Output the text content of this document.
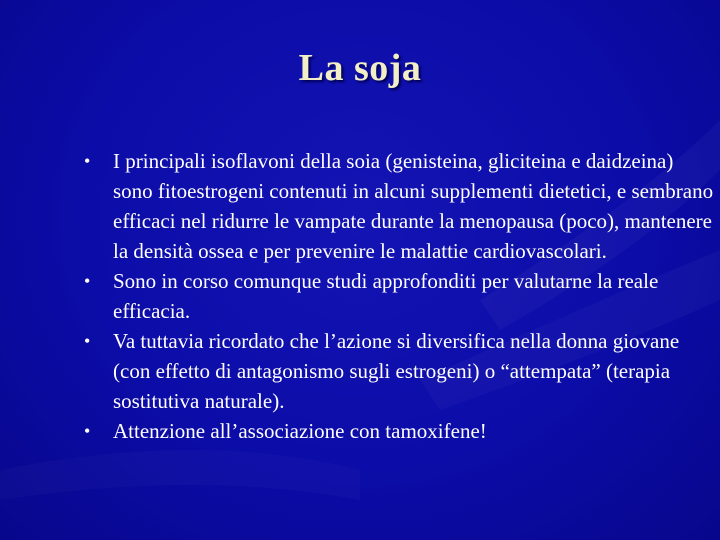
La soja
• I principali isoflavoni della soia (genisteina, gliciteina e daidzeina) sono fitoestrogeni contenuti in alcuni supplementi dietetici, e sembrano efficaci nel ridurre le vampate durante la menopausa (poco), mantenere la densità ossea e per prevenire le malattie cardiovascolari.
• Sono in corso comunque studi approfonditi per valutarne la reale efficacia.
• Va tuttavia ricordato che l’azione si diversifica nella donna giovane (con effetto di antagonismo sugli estrogeni) o “attempata” (terapia sostitutiva naturale).
• Attenzione all’associazione con tamoxifene!
